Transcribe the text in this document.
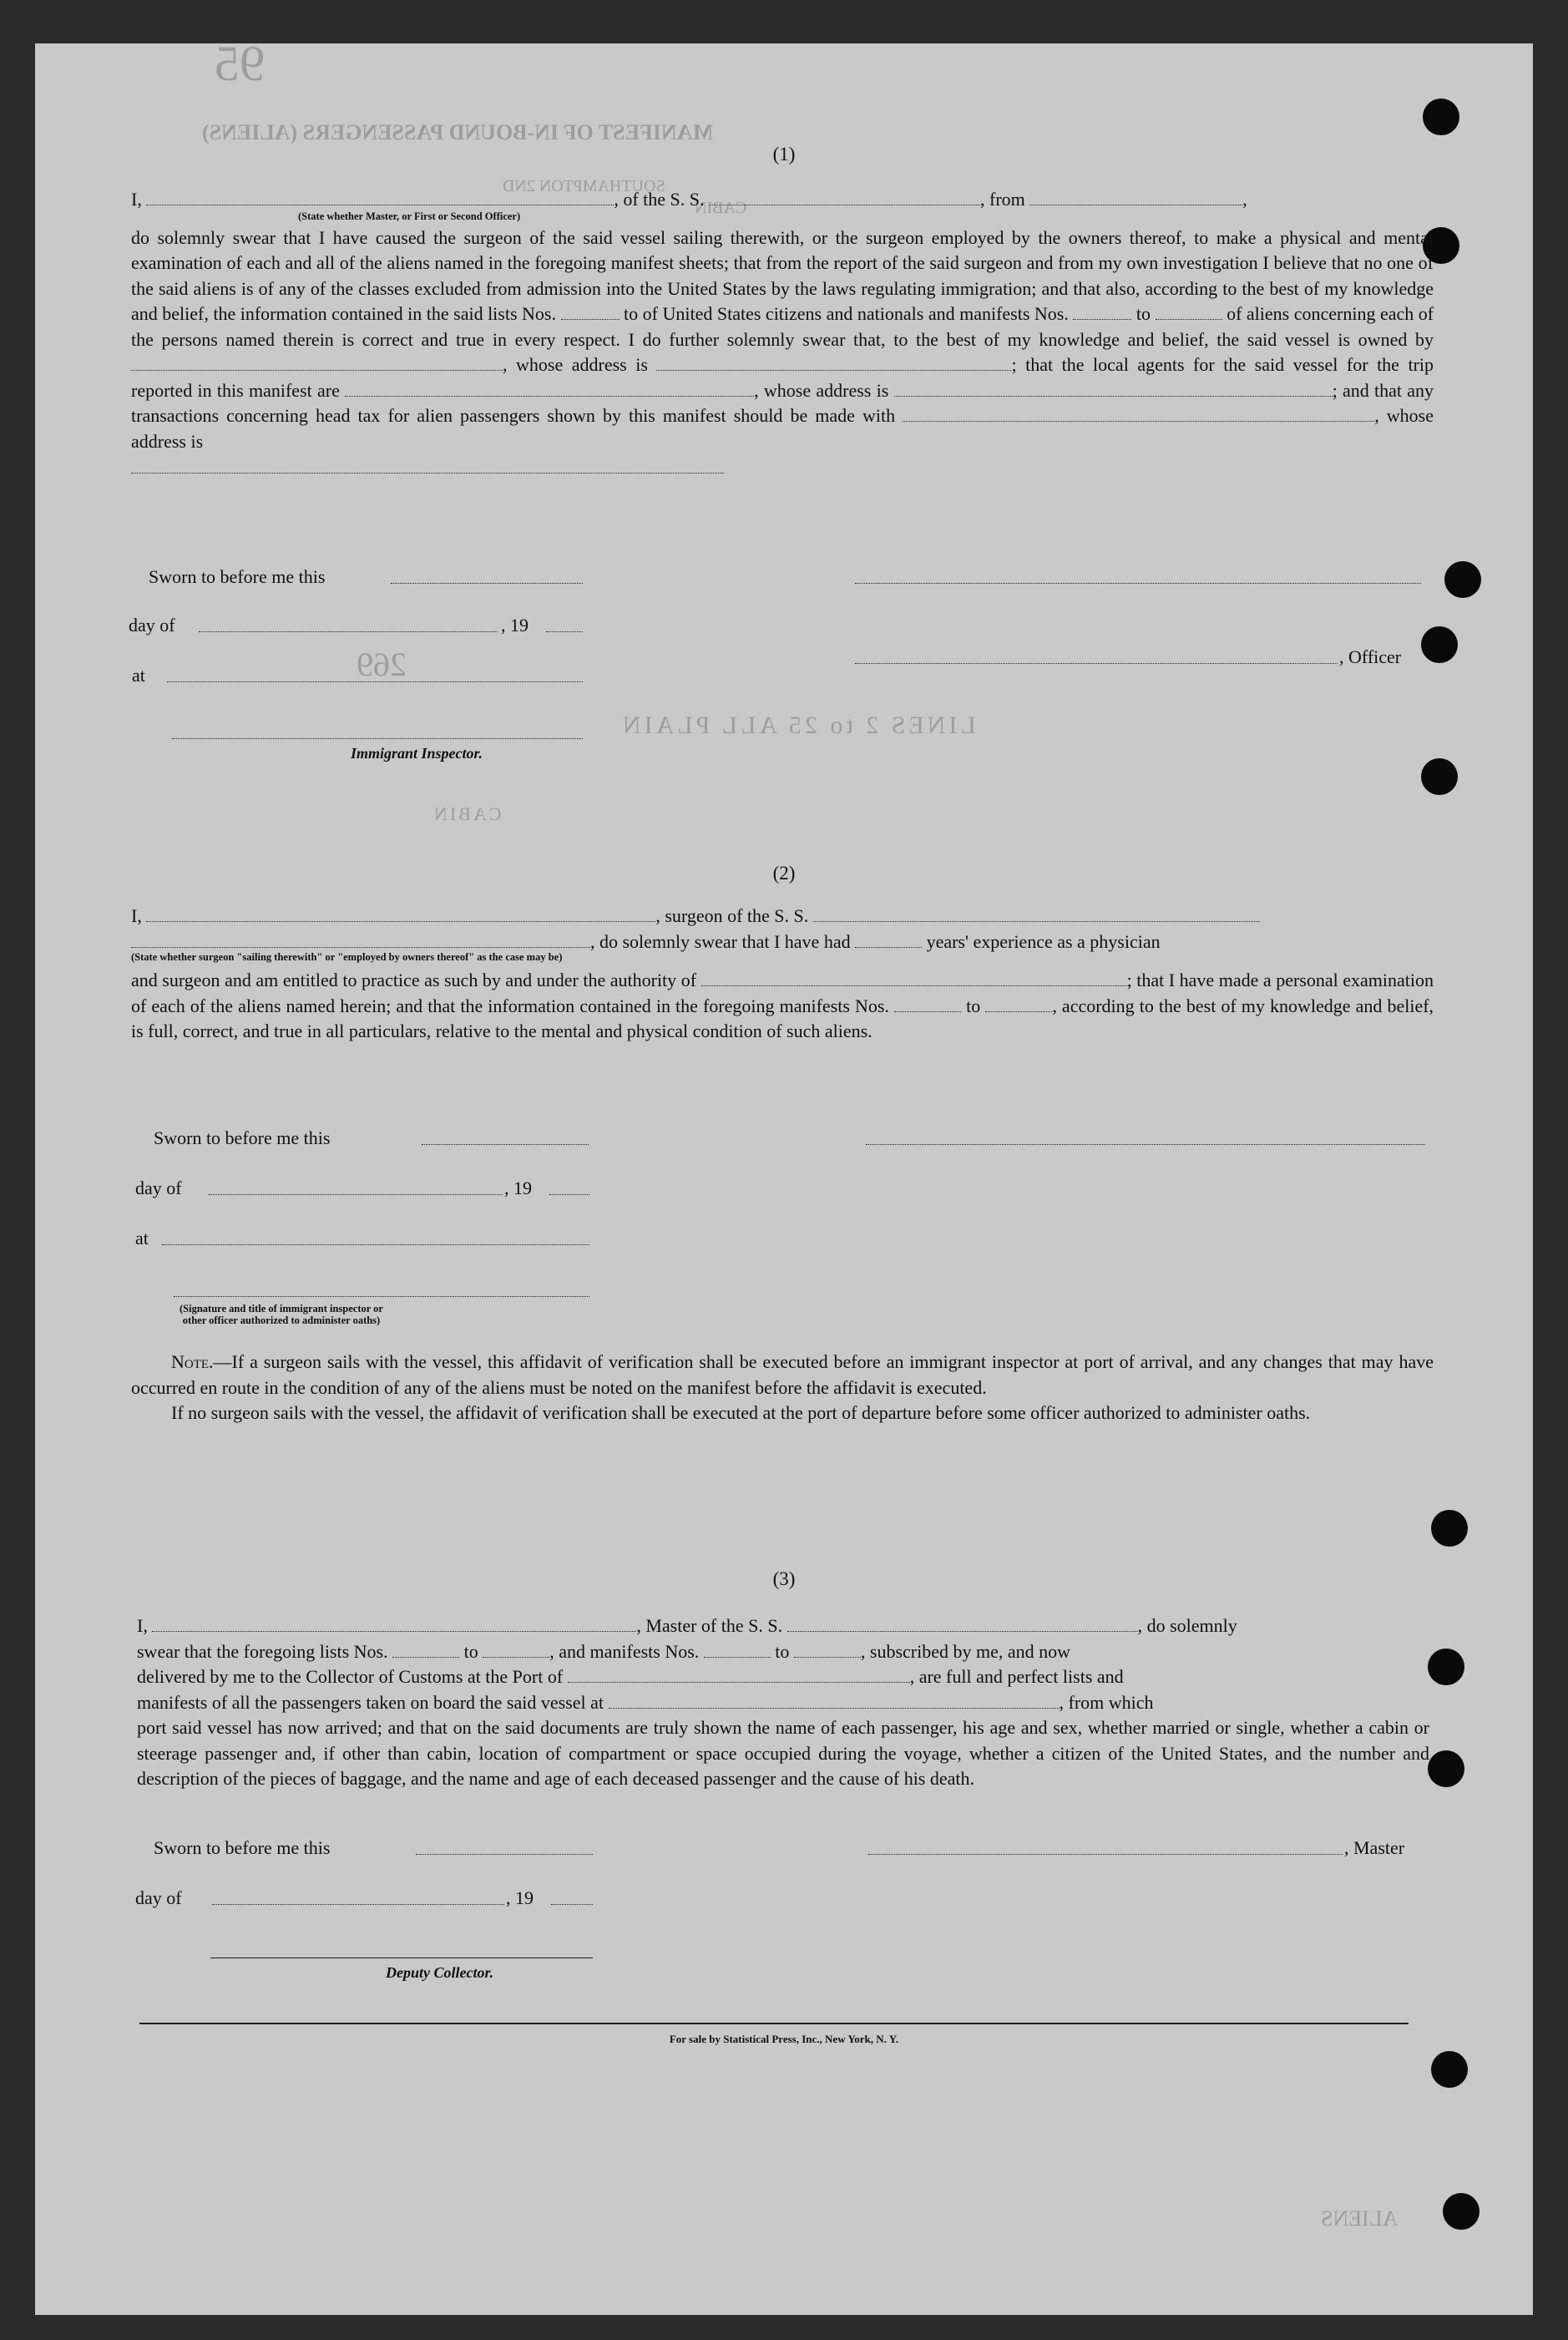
95
MANIFEST OF IN-BOUND PASSENGERS (ALIENS)
SOUTHAMPTON 2ND
CABIN
269
LINES 2 to 25 ALL PLAIN
CABIN
ALIENS
(1)

I,	, of the S. S.	, from	,

(State whether Master, or First or Second Officer)

do solemnly swear that I have caused the surgeon of the said vessel sailing therewith, or the surgeon employed by the owners thereof, to make a physical and mental examination of each and all of the aliens named in the foregoing manifest sheets; that from the report of the said surgeon and from my own investigation I believe that no one of the said aliens is of any of the classes excluded from admission into the United States by the laws regulating immigration; and that also, according to the best of my knowledge and belief, the information contained in the said lists Nos.	to of United States citizens and nationals and manifests Nos.	to	of aliens concerning each of the persons named therein is correct and true in every respect. I do further solemnly swear that, to the best of my knowledge and belief, the said vessel is owned by , whose address is	; that the local agents for the said vessel for the trip reported in this manifest are	, whose address is	; and that any transactions concerning head tax for alien passengers shown by this manifest should be made with	, whose address is

Sworn to before me this
day of	, 19
, Officer
at
Immigrant Inspector.
(2)

I,	, surgeon of the S. S.

, do solemnly swear that I have had	years' experience as a physician

(State whether surgeon "sailing therewith" or "employed by owners thereof" as the case may be)

and surgeon and am entitled to practice as such by and under the authority of	; that I have made a personal examination of each of the aliens named herein; and that the information contained in the foregoing manifests Nos.	to	, according to the best of my knowledge and belief, is full, correct, and true in all particulars, relative to the mental and physical condition of such aliens.

Sworn to before me this
day of	, 19
at
(Signature and title of immigrant inspector or other officer authorized to administer oaths)

Note.—If a surgeon sails with the vessel, this affidavit of verification shall be executed before an immigrant inspector at port of arrival, and any changes that may have occurred en route in the condition of any of the aliens must be noted on the manifest before the affidavit is executed.

If no surgeon sails with the vessel, the affidavit of verification shall be executed at the port of departure before some officer authorized to administer oaths.

(3)

I,	, Master of the S. S.	, do solemnly

swear that the foregoing lists Nos.	to	, and manifests Nos.	to	, subscribed by me, and now

delivered by me to the Collector of Customs at the Port of	, are full and perfect lists and

manifests of all the passengers taken on board the said vessel at	, from which

port said vessel has now arrived; and that on the said documents are truly shown the name of each passenger, his age and sex, whether married or single, whether a cabin or steerage passenger and, if other than cabin, location of compartment or space occupied during the voyage, whether a citizen of the United States, and the number and description of the pieces of baggage, and the name and age of each deceased passenger and the cause of his death.

Sworn to before me this	, Master
day of	, 19
Deputy Collector.
For sale by Statistical Press, Inc., New York, N. Y.
